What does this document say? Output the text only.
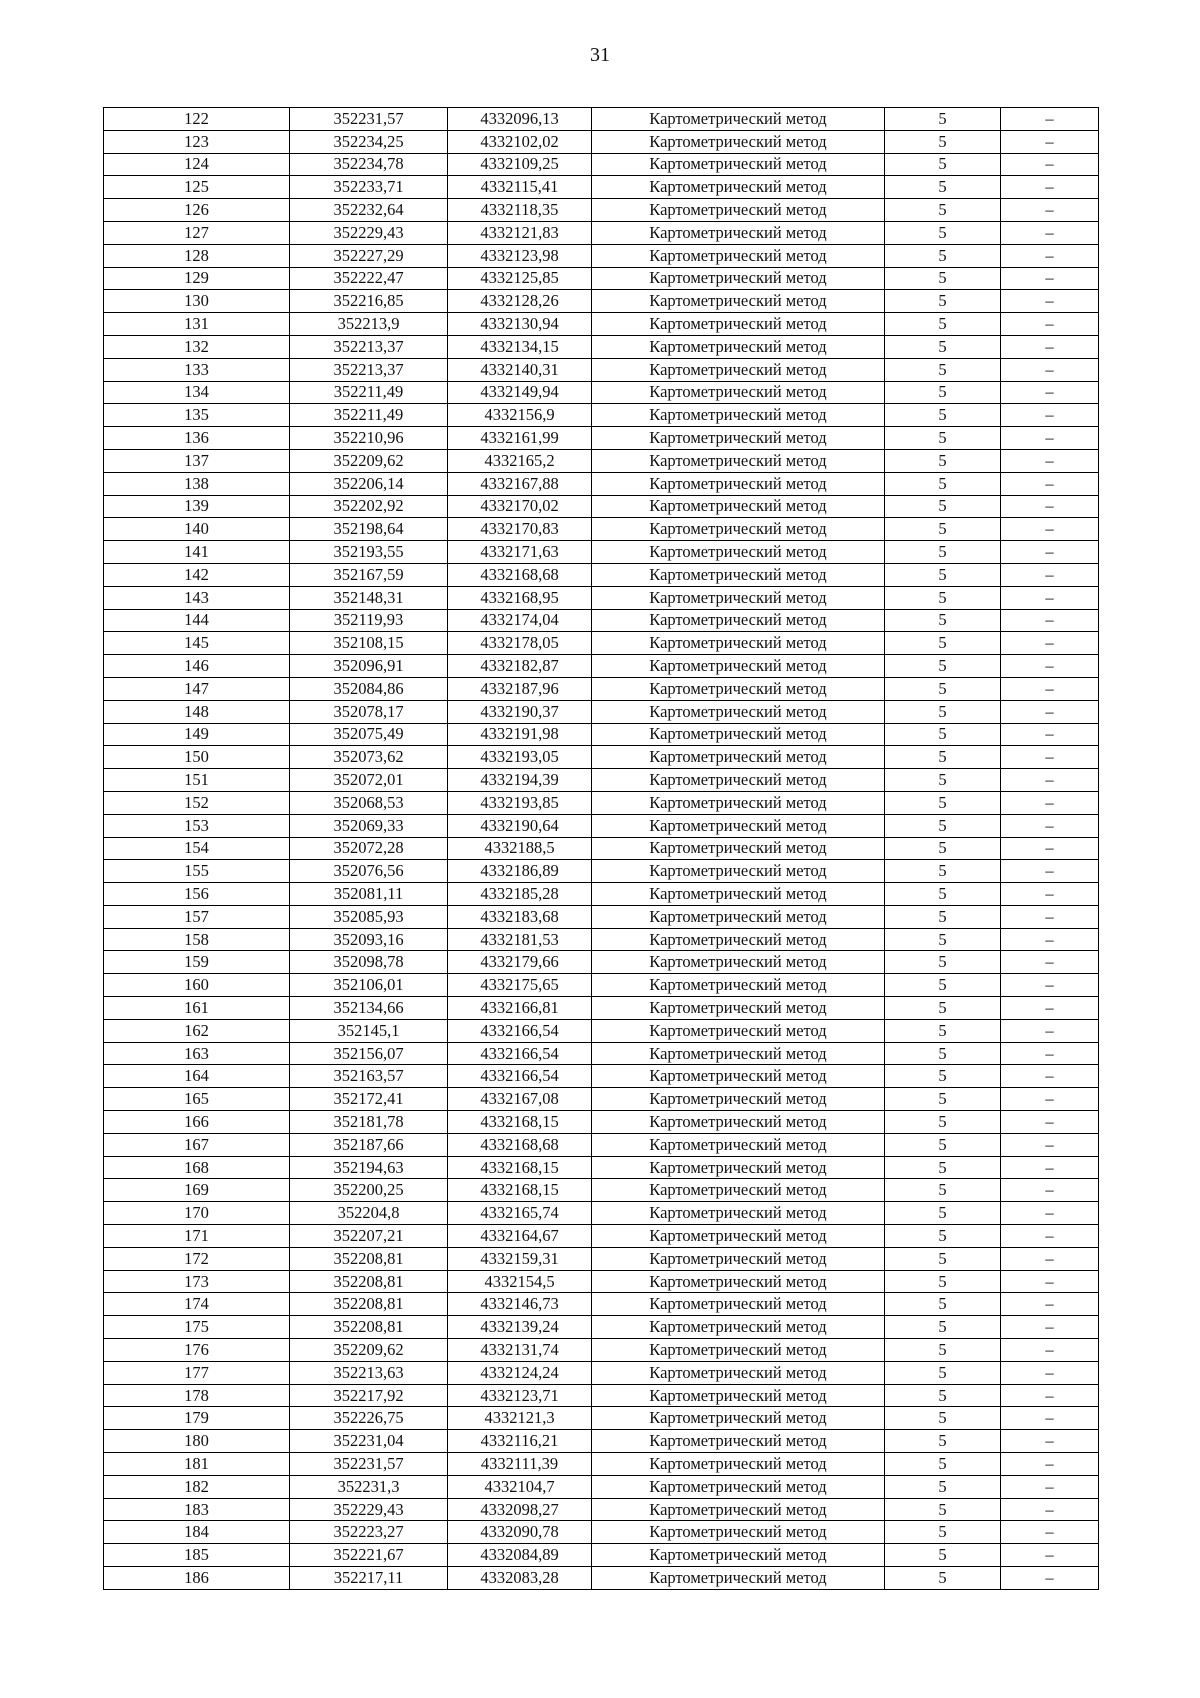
31
122	352231,57	4332096,13	Картометрический метод	5	–
123	352234,25	4332102,02	Картометрический метод	5	–
124	352234,78	4332109,25	Картометрический метод	5	–
125	352233,71	4332115,41	Картометрический метод	5	–
126	352232,64	4332118,35	Картометрический метод	5	–
127	352229,43	4332121,83	Картометрический метод	5	–
128	352227,29	4332123,98	Картометрический метод	5	–
129	352222,47	4332125,85	Картометрический метод	5	–
130	352216,85	4332128,26	Картометрический метод	5	–
131	352213,9	4332130,94	Картометрический метод	5	–
132	352213,37	4332134,15	Картометрический метод	5	–
133	352213,37	4332140,31	Картометрический метод	5	–
134	352211,49	4332149,94	Картометрический метод	5	–
135	352211,49	4332156,9	Картометрический метод	5	–
136	352210,96	4332161,99	Картометрический метод	5	–
137	352209,62	4332165,2	Картометрический метод	5	–
138	352206,14	4332167,88	Картометрический метод	5	–
139	352202,92	4332170,02	Картометрический метод	5	–
140	352198,64	4332170,83	Картометрический метод	5	–
141	352193,55	4332171,63	Картометрический метод	5	–
142	352167,59	4332168,68	Картометрический метод	5	–
143	352148,31	4332168,95	Картометрический метод	5	–
144	352119,93	4332174,04	Картометрический метод	5	–
145	352108,15	4332178,05	Картометрический метод	5	–
146	352096,91	4332182,87	Картометрический метод	5	–
147	352084,86	4332187,96	Картометрический метод	5	–
148	352078,17	4332190,37	Картометрический метод	5	–
149	352075,49	4332191,98	Картометрический метод	5	–
150	352073,62	4332193,05	Картометрический метод	5	–
151	352072,01	4332194,39	Картометрический метод	5	–
152	352068,53	4332193,85	Картометрический метод	5	–
153	352069,33	4332190,64	Картометрический метод	5	–
154	352072,28	4332188,5	Картометрический метод	5	–
155	352076,56	4332186,89	Картометрический метод	5	–
156	352081,11	4332185,28	Картометрический метод	5	–
157	352085,93	4332183,68	Картометрический метод	5	–
158	352093,16	4332181,53	Картометрический метод	5	–
159	352098,78	4332179,66	Картометрический метод	5	–
160	352106,01	4332175,65	Картометрический метод	5	–
161	352134,66	4332166,81	Картометрический метод	5	–
162	352145,1	4332166,54	Картометрический метод	5	–
163	352156,07	4332166,54	Картометрический метод	5	–
164	352163,57	4332166,54	Картометрический метод	5	–
165	352172,41	4332167,08	Картометрический метод	5	–
166	352181,78	4332168,15	Картометрический метод	5	–
167	352187,66	4332168,68	Картометрический метод	5	–
168	352194,63	4332168,15	Картометрический метод	5	–
169	352200,25	4332168,15	Картометрический метод	5	–
170	352204,8	4332165,74	Картометрический метод	5	–
171	352207,21	4332164,67	Картометрический метод	5	–
172	352208,81	4332159,31	Картометрический метод	5	–
173	352208,81	4332154,5	Картометрический метод	5	–
174	352208,81	4332146,73	Картометрический метод	5	–
175	352208,81	4332139,24	Картометрический метод	5	–
176	352209,62	4332131,74	Картометрический метод	5	–
177	352213,63	4332124,24	Картометрический метод	5	–
178	352217,92	4332123,71	Картометрический метод	5	–
179	352226,75	4332121,3	Картометрический метод	5	–
180	352231,04	4332116,21	Картометрический метод	5	–
181	352231,57	4332111,39	Картометрический метод	5	–
182	352231,3	4332104,7	Картометрический метод	5	–
183	352229,43	4332098,27	Картометрический метод	5	–
184	352223,27	4332090,78	Картометрический метод	5	–
185	352221,67	4332084,89	Картометрический метод	5	–
186	352217,11	4332083,28	Картометрический метод	5	–
